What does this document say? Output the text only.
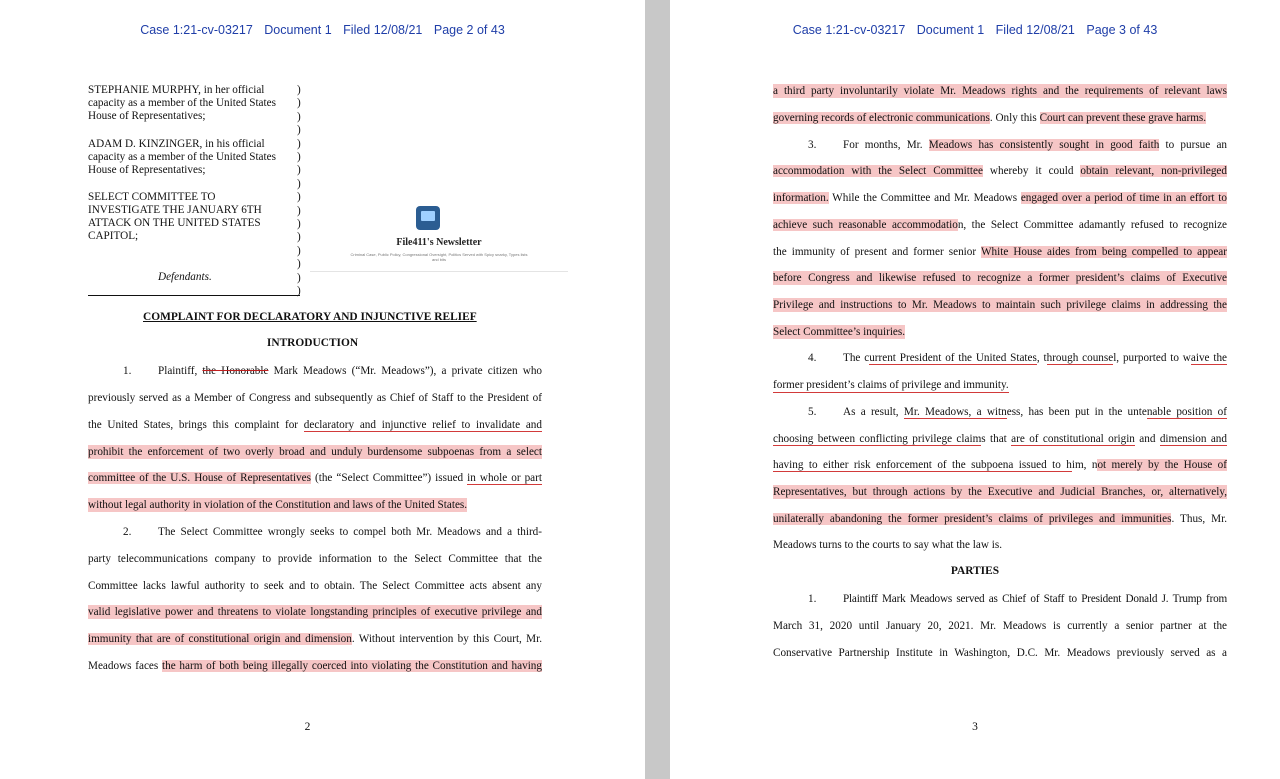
Case 1:21-cv-03217 Document 1 Filed 12/08/21 Page 2 of 43
STEPHANIE MURPHY, in her official
capacity as a member of the United States
House of Representatives;
ADAM D. KINZINGER, in his official
capacity as a member of the United States
House of Representatives;
SELECT COMMITTEE TO
INVESTIGATE THE JANUARY 6TH
ATTACK ON THE UNITED STATES
CAPITOL;
Defendants.
)
)
)
)
)
)
)
)
)
)
)
)
)
)
)
)
File411's Newsletter
Criminal Case, Public Policy, Congressional Oversight, Politics Served with Spicy snarky, Types lists and bits
COMPLAINT FOR DECLARATORY AND INJUNCTIVE RELIEF
INTRODUCTION
1. Plaintiff, the Honorable Mark Meadows (“Mr. Meadows”), a private citizen who
previously served as a Member of Congress and subsequently as Chief of Staff to the President of
the United States, brings this complaint for declaratory and injunctive relief to invalidate and
prohibit the enforcement of two overly broad and unduly burdensome subpoenas from a select
committee of the U.S. House of Representatives (the “Select Committee”) issued in whole or part
without legal authority in violation of the Constitution and laws of the United States.
2. The Select Committee wrongly seeks to compel both Mr. Meadows and a third-
party telecommunications company to provide information to the Select Committee that the
Committee lacks lawful authority to seek and to obtain. The Select Committee acts absent any
valid legislative power and threatens to violate longstanding principles of executive privilege and
immunity that are of constitutional origin and dimension. Without intervention by this Court, Mr.
Meadows faces the harm of both being illegally coerced into violating the Constitution and having
2
Case 1:21-cv-03217 Document 1 Filed 12/08/21 Page 3 of 43
a third party involuntarily violate Mr. Meadows rights and the requirements of relevant laws
governing records of electronic communications. Only this Court can prevent these grave harms.
3. For months, Mr. Meadows has consistently sought in good faith to pursue an
accommodation with the Select Committee whereby it could obtain relevant, non-privileged
information. While the Committee and Mr. Meadows engaged over a period of time in an effort to
achieve such reasonable accommodation, the Select Committee adamantly refused to recognize
the immunity of present and former senior White House aides from being compelled to appear
before Congress and likewise refused to recognize a former president’s claims of Executive
Privilege and instructions to Mr. Meadows to maintain such privilege claims in addressing the
Select Committee’s inquiries.
4. The current President of the United States, through counsel, purported to waive the
former president’s claims of privilege and immunity.
5. As a result, Mr. Meadows, a witness, has been put in the untenable position of
choosing between conflicting privilege claims that are of constitutional origin and dimension and
having to either risk enforcement of the subpoena issued to him, not merely by the House of
Representatives, but through actions by the Executive and Judicial Branches, or, alternatively,
unilaterally abandoning the former president’s claims of privileges and immunities. Thus, Mr.
Meadows turns to the courts to say what the law is.
PARTIES
1. Plaintiff Mark Meadows served as Chief of Staff to President Donald J. Trump from
March 31, 2020 until January 20, 2021. Mr. Meadows is currently a senior partner at the
Conservative Partnership Institute in Washington, D.C. Mr. Meadows previously served as a
3
